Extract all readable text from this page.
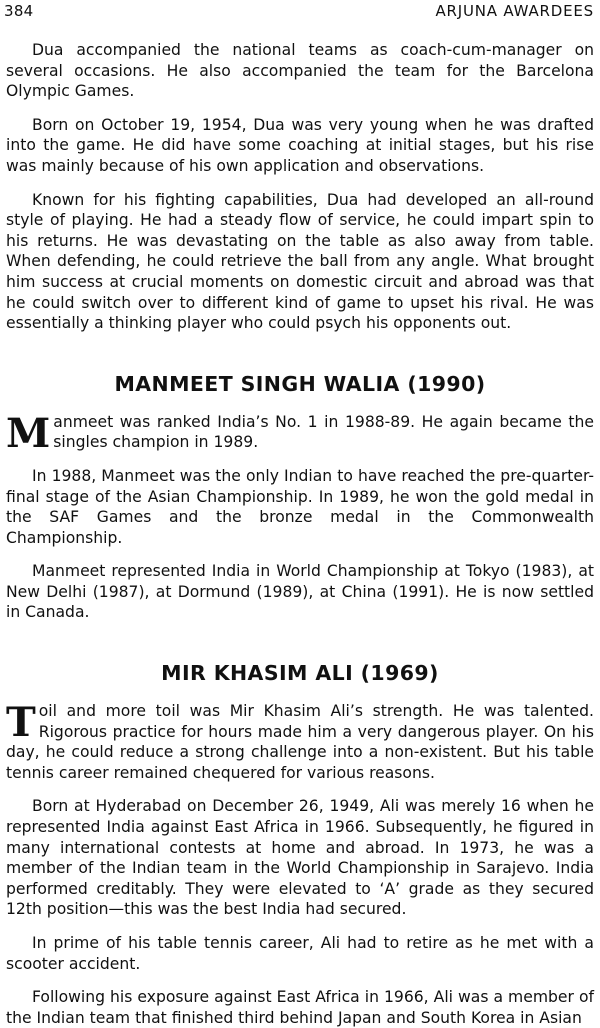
384	ARJUNA AWARDEES

Dua accompanied the national teams as coach-cum-manager on several occasions. He also accompanied the team for the Barcelona Olympic Games.

Born on October 19, 1954, Dua was very young when he was drafted into the game. He did have some coaching at initial stages, but his rise was mainly because of his own application and observations.

Known for his fighting capabilities, Dua had developed an all-round style of playing. He had a steady flow of service, he could impart spin to his returns. He was devastating on the table as also away from table. When defending, he could retrieve the ball from any angle. What brought him success at crucial moments on domestic circuit and abroad was that he could switch over to different kind of game to upset his rival. He was essentially a thinking player who could psych his opponents out.

MANMEET SINGH WALIA (1990)

Manmeet was ranked India’s No. 1 in 1988-89. He again became the singles champion in 1989.

In 1988, Manmeet was the only Indian to have reached the pre-quarter-final stage of the Asian Championship. In 1989, he won the gold medal in the SAF Games and the bronze medal in the Commonwealth Championship.

Manmeet represented India in World Championship at Tokyo (1983), at New Delhi (1987), at Dormund (1989), at China (1991). He is now settled in Canada.

MIR KHASIM ALI (1969)

Toil and more toil was Mir Khasim Ali’s strength. He was talented. Rigorous practice for hours made him a very dangerous player. On his day, he could reduce a strong challenge into a non-existent. But his table tennis career remained chequered for various reasons.

Born at Hyderabad on December 26, 1949, Ali was merely 16 when he represented India against East Africa in 1966. Subsequently, he figured in many international contests at home and abroad. In 1973, he was a member of the Indian team in the World Championship in Sarajevo. India performed creditably. They were elevated to ‘A’ grade as they secured 12th position—this was the best India had secured.

In prime of his table tennis career, Ali had to retire as he met with a scooter accident.

Following his exposure against East Africa in 1966, Ali was a member of the Indian team that finished third behind Japan and South Korea in Asian
